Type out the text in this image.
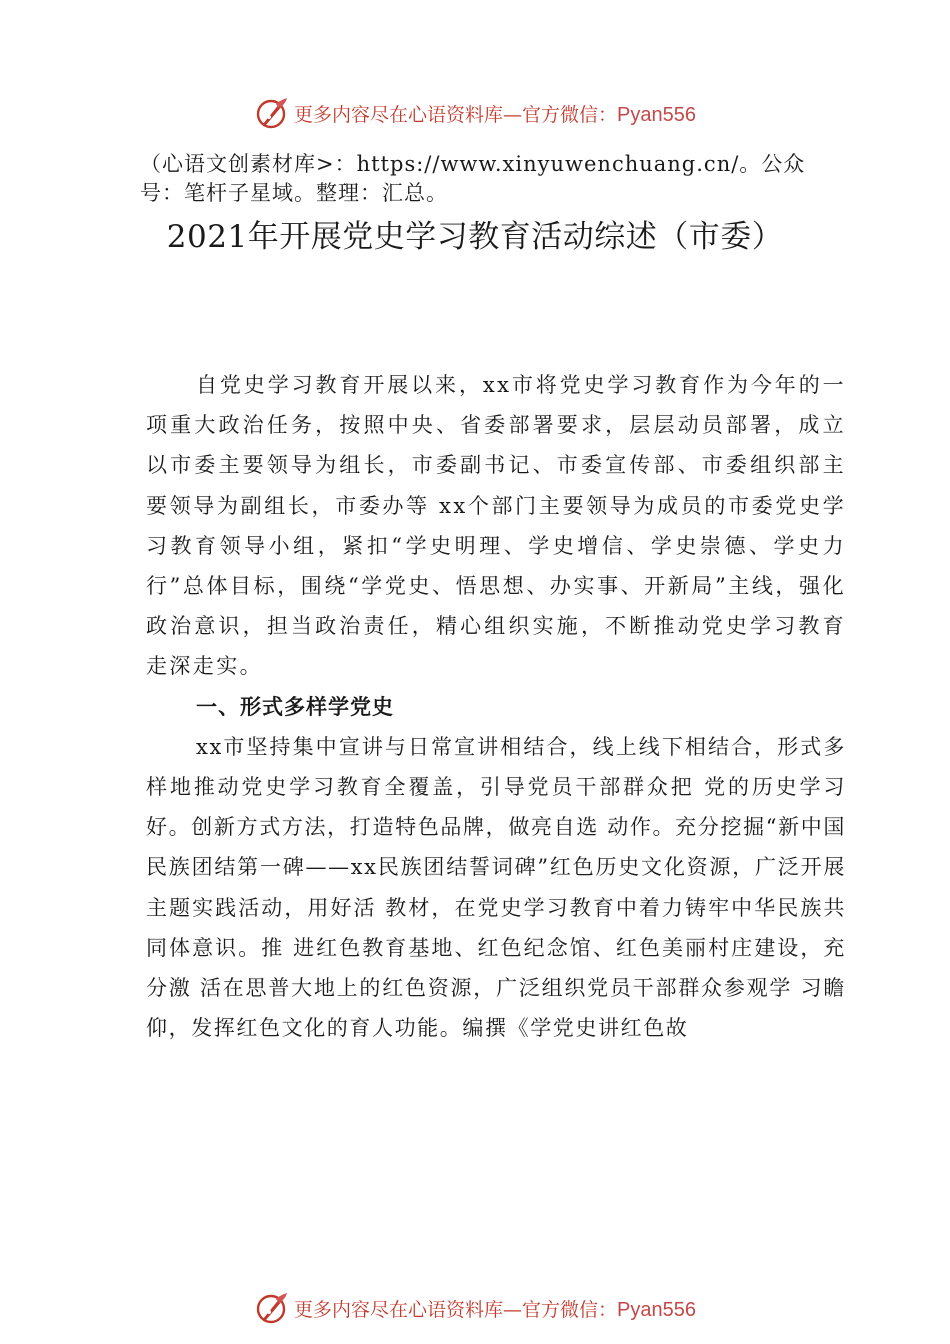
更多内容尽在心语资料库—官方微信：Pyan556

（心语文创素材库>：https://www.xinyuwenchuang.cn/。公众号：笔杆子星域。整理：汇总。

2021年开展党史学习教育活动综述（市委）

自党史学习教育开展以来，xx市将党史学习教育作为今年的一项重大政治任务，按照中央、省委部署要求，层层动员部署，成立以市委主要领导为组长，市委副书记、市委宣传部、市委组织部主要领导为副组长，市委办等 xx个部门主要领导为成员的市委党史学习教育领导小组，紧扣“学史明理、学史增信、学史崇德、学史力行”总体目标，围绕“学党史、悟思想、办实事、开新局”主线，强化政治意识，担当政治责任，精心组织实施，不断推动党史学习教育走深走实。

一、形式多样学党史

xx市坚持集中宣讲与日常宣讲相结合，线上线下相结合，形式多样地推动党史学习教育全覆盖，引导党员干部群众把 党的历史学习好。创新方式方法，打造特色品牌，做亮自选 动作。充分挖掘“新中国民族团结第一碑——xx民族团结誓词碑”红色历史文化资源，广泛开展主题实践活动，用好活 教材，在党史学习教育中着力铸牢中华民族共同体意识。推 进红色教育基地、红色纪念馆、红色美丽村庄建设，充分激 活在思普大地上的红色资源，广泛组织党员干部群众参观学 习瞻仰，发挥红色文化的育人功能。编撰《学党史讲红色故

更多内容尽在心语资料库—官方微信：Pyan556
